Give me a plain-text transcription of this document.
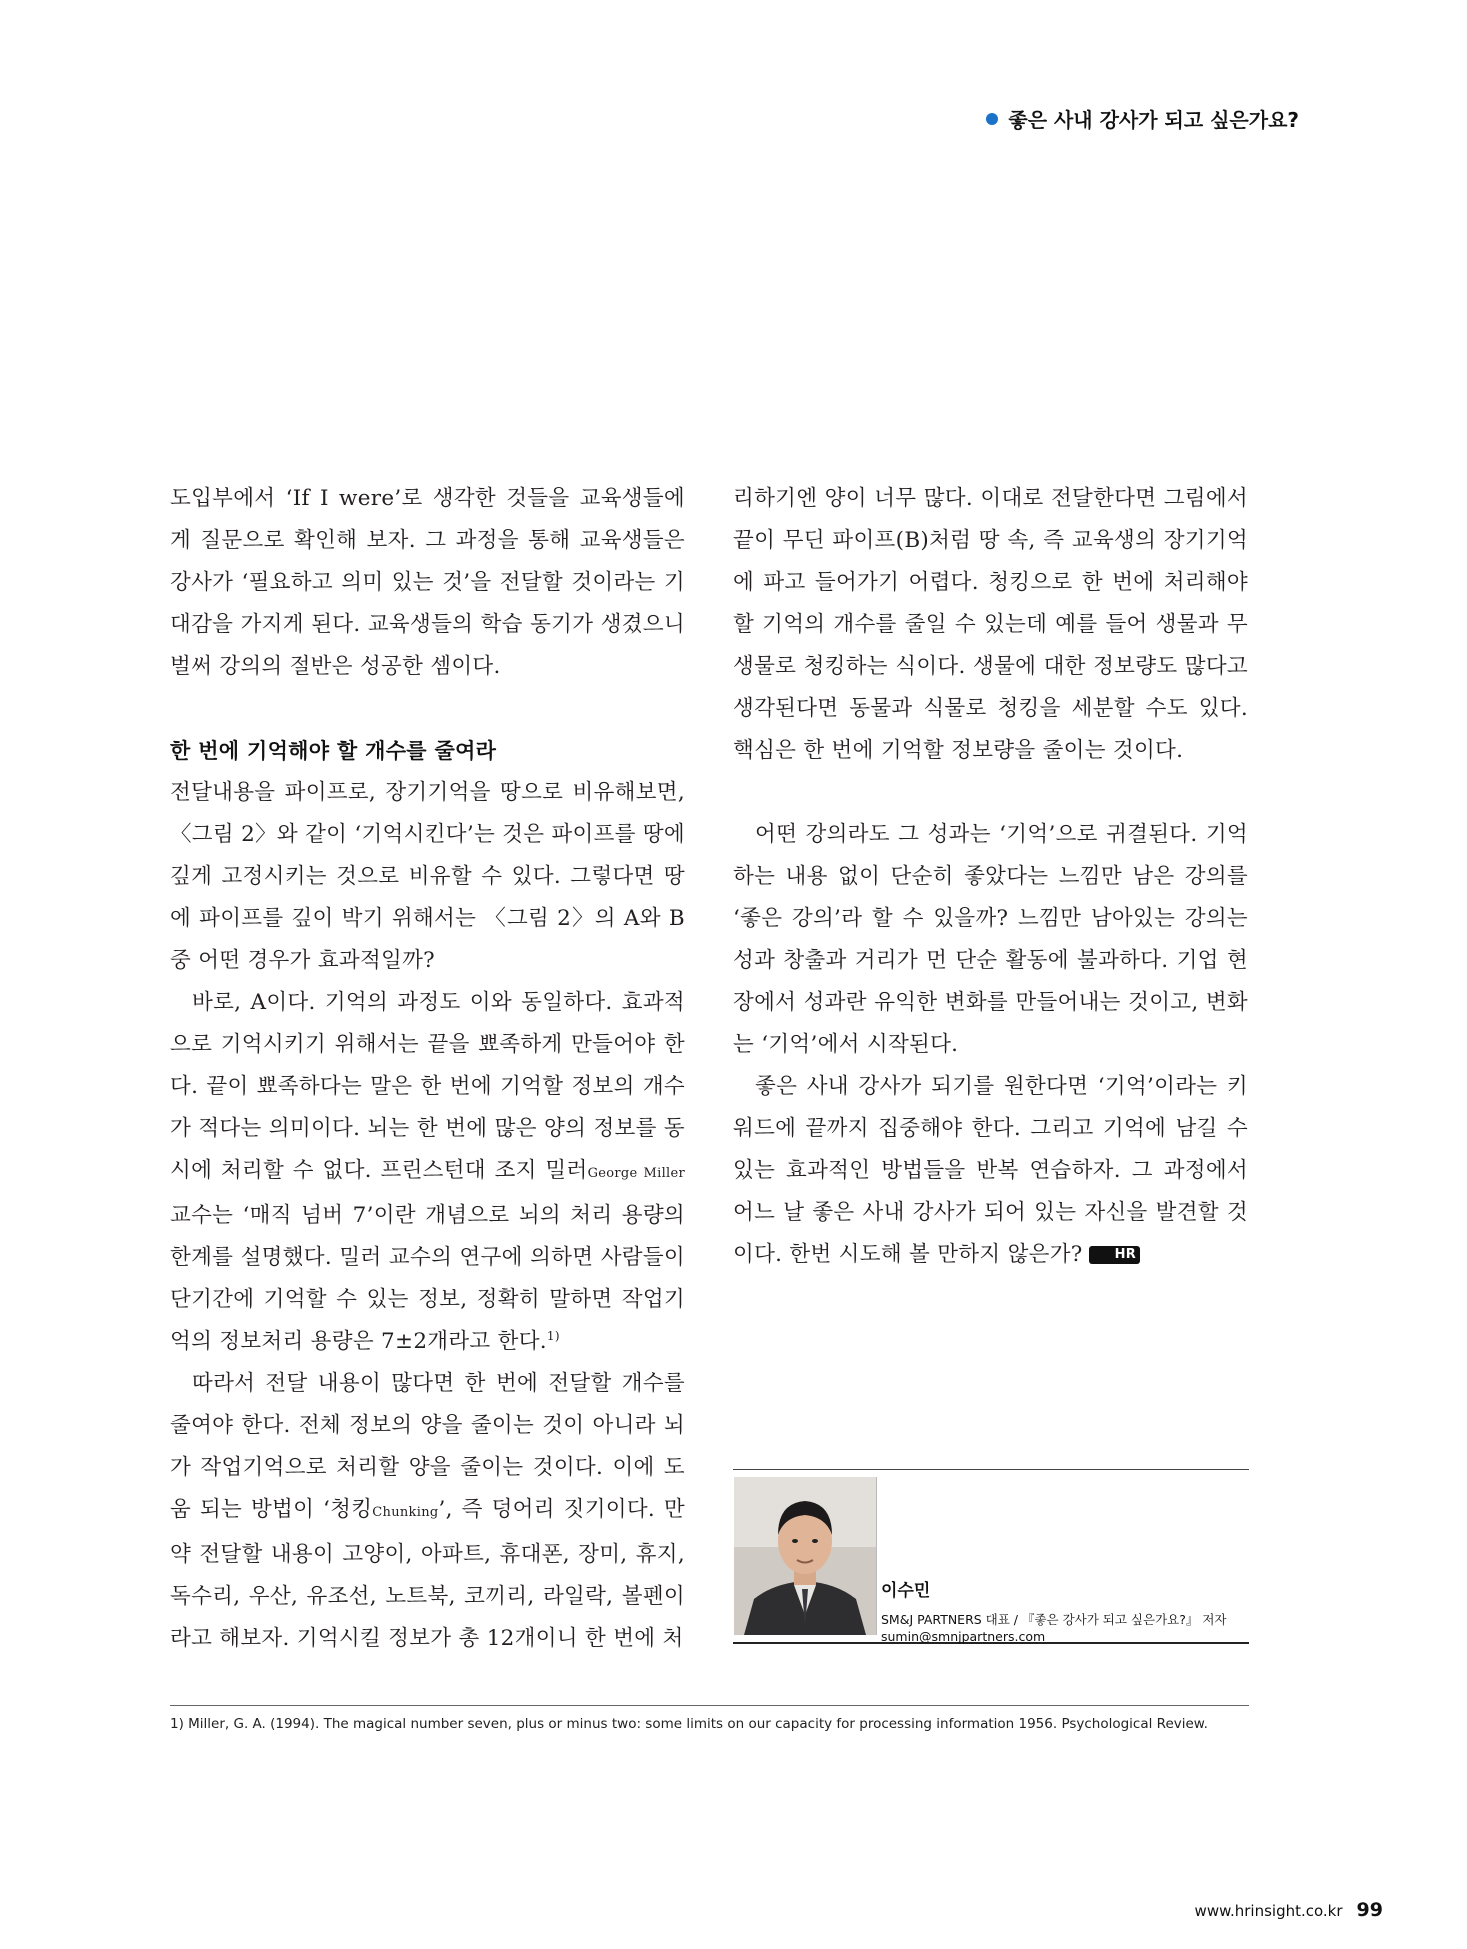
좋은 사내 강사가 되고 싶은가요?

도입부에서 ‘If I were’로 생각한 것들을 교육생들에게 질문으로 확인해 보자. 그 과정을 통해 교육생들은 강사가 ‘필요하고 의미 있는 것’을 전달할 것이라는 기대감을 가지게 된다. 교육생들의 학습 동기가 생겼으니 벌써 강의의 절반은 성공한 셈이다.

한 번에 기억해야 할 개수를 줄여라

전달내용을 파이프로, 장기기억을 땅으로 비유해보면, 〈그림 2〉와 같이 ‘기억시킨다’는 것은 파이프를 땅에 깊게 고정시키는 것으로 비유할 수 있다. 그렇다면 땅에 파이프를 깊이 박기 위해서는 〈그림 2〉의 A와 B 중 어떤 경우가 효과적일까?

바로, A이다. 기억의 과정도 이와 동일하다. 효과적으로 기억시키기 위해서는 끝을 뾰족하게 만들어야 한다. 끝이 뾰족하다는 말은 한 번에 기억할 정보의 개수가 적다는 의미이다. 뇌는 한 번에 많은 양의 정보를 동시에 처리할 수 없다. 프린스턴대 조지 밀러George Miller 교수는 ‘매직 넘버 7’이란 개념으로 뇌의 처리 용량의 한계를 설명했다. 밀러 교수의 연구에 의하면 사람들이 단기간에 기억할 수 있는 정보, 정확히 말하면 작업기억의 정보처리 용량은 7±2개라고 한다.$^{1)}$

따라서 전달 내용이 많다면 한 번에 전달할 개수를 줄여야 한다. 전체 정보의 양을 줄이는 것이 아니라 뇌가 작업기억으로 처리할 양을 줄이는 것이다. 이에 도움 되는 방법이 ‘청킹Chunking’, 즉 덩어리 짓기이다. 만약 전달할 내용이 고양이, 아파트, 휴대폰, 장미, 휴지, 독수리, 우산, 유조선, 노트북, 코끼리, 라일락, 볼펜이라고 해보자. 기억시킬 정보가 총 12개이니 한 번에 처

리하기엔 양이 너무 많다. 이대로 전달한다면 그림에서 끝이 무딘 파이프(B)처럼 땅 속, 즉 교육생의 장기기억에 파고 들어가기 어렵다. 청킹으로 한 번에 처리해야 할 기억의 개수를 줄일 수 있는데 예를 들어 생물과 무생물로 청킹하는 식이다. 생물에 대한 정보량도 많다고 생각된다면 동물과 식물로 청킹을 세분할 수도 있다. 핵심은 한 번에 기억할 정보량을 줄이는 것이다.

어떤 강의라도 그 성과는 ‘기억’으로 귀결된다. 기억하는 내용 없이 단순히 좋았다는 느낌만 남은 강의를 ‘좋은 강의’라 할 수 있을까? 느낌만 남아있는 강의는 성과 창출과 거리가 먼 단순 활동에 불과하다. 기업 현장에서 성과란 유익한 변화를 만들어내는 것이고, 변화는 ‘기억’에서 시작된다.

좋은 사내 강사가 되기를 원한다면 ‘기억’이라는 키워드에 끝까지 집중해야 한다. 그리고 기억에 남길 수 있는 효과적인 방법들을 반복 연습하자. 그 과정에서 어느 날 좋은 사내 강사가 되어 있는 자신을 발견할 것이다. 한번 시도해 볼 만하지 않은가? HR

이수민
SM&J PARTNERS 대표 / 『좋은 강사가 되고 싶은가요?』 저자
sumin@smnjpartners.com
1) Miller, G. A. (1994). The magical number seven, plus or minus two: some limits on our capacity for processing information 1956. Psychological Review.
www.hrinsight.co.kr 99
